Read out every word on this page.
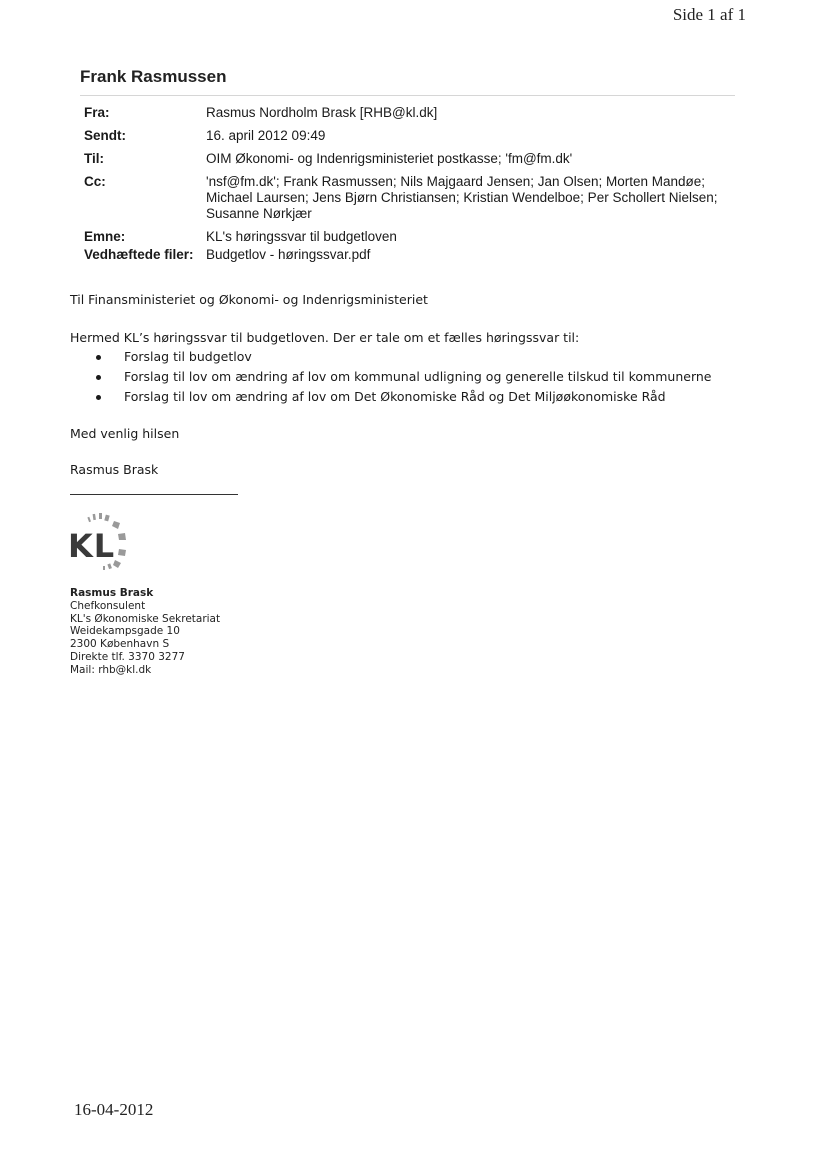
Side 1 af 1
Frank Rasmussen
Fra:	Rasmus Nordholm Brask [RHB@kl.dk]
Sendt:	16. april 2012 09:49
Til:	OIM Økonomi- og Indenrigsministeriet postkasse; 'fm@fm.dk'
Cc:	'nsf@fm.dk'; Frank Rasmussen; Nils Majgaard Jensen; Jan Olsen; Morten Mandøe; Michael Laursen; Jens Bjørn Christiansen; Kristian Wendelboe; Per Schollert Nielsen; Susanne Nørkjær
Emne:	KL's høringssvar til budgetloven
Vedhæftede filer:	Budgetlov - høringssvar.pdf

Til Finansministeriet og Økonomi- og Indenrigsministeriet

Hermed KL’s høringssvar til budgetloven. Der er tale om et fælles høringssvar til:

Forslag til budgetlov
Forslag til lov om ændring af lov om kommunal udligning og generelle tilskud til kommunerne
Forslag til lov om ændring af lov om Det Økonomiske Råd og Det Miljøøkonomiske Råd

Med venlig hilsen

Rasmus Brask

KL
Rasmus Brask
Chefkonsulent
KL's Økonomiske Sekretariat
Weidekampsgade 10
2300 København S
Direkte tlf. 3370 3277
Mail: rhb@kl.dk
16-04-2012
